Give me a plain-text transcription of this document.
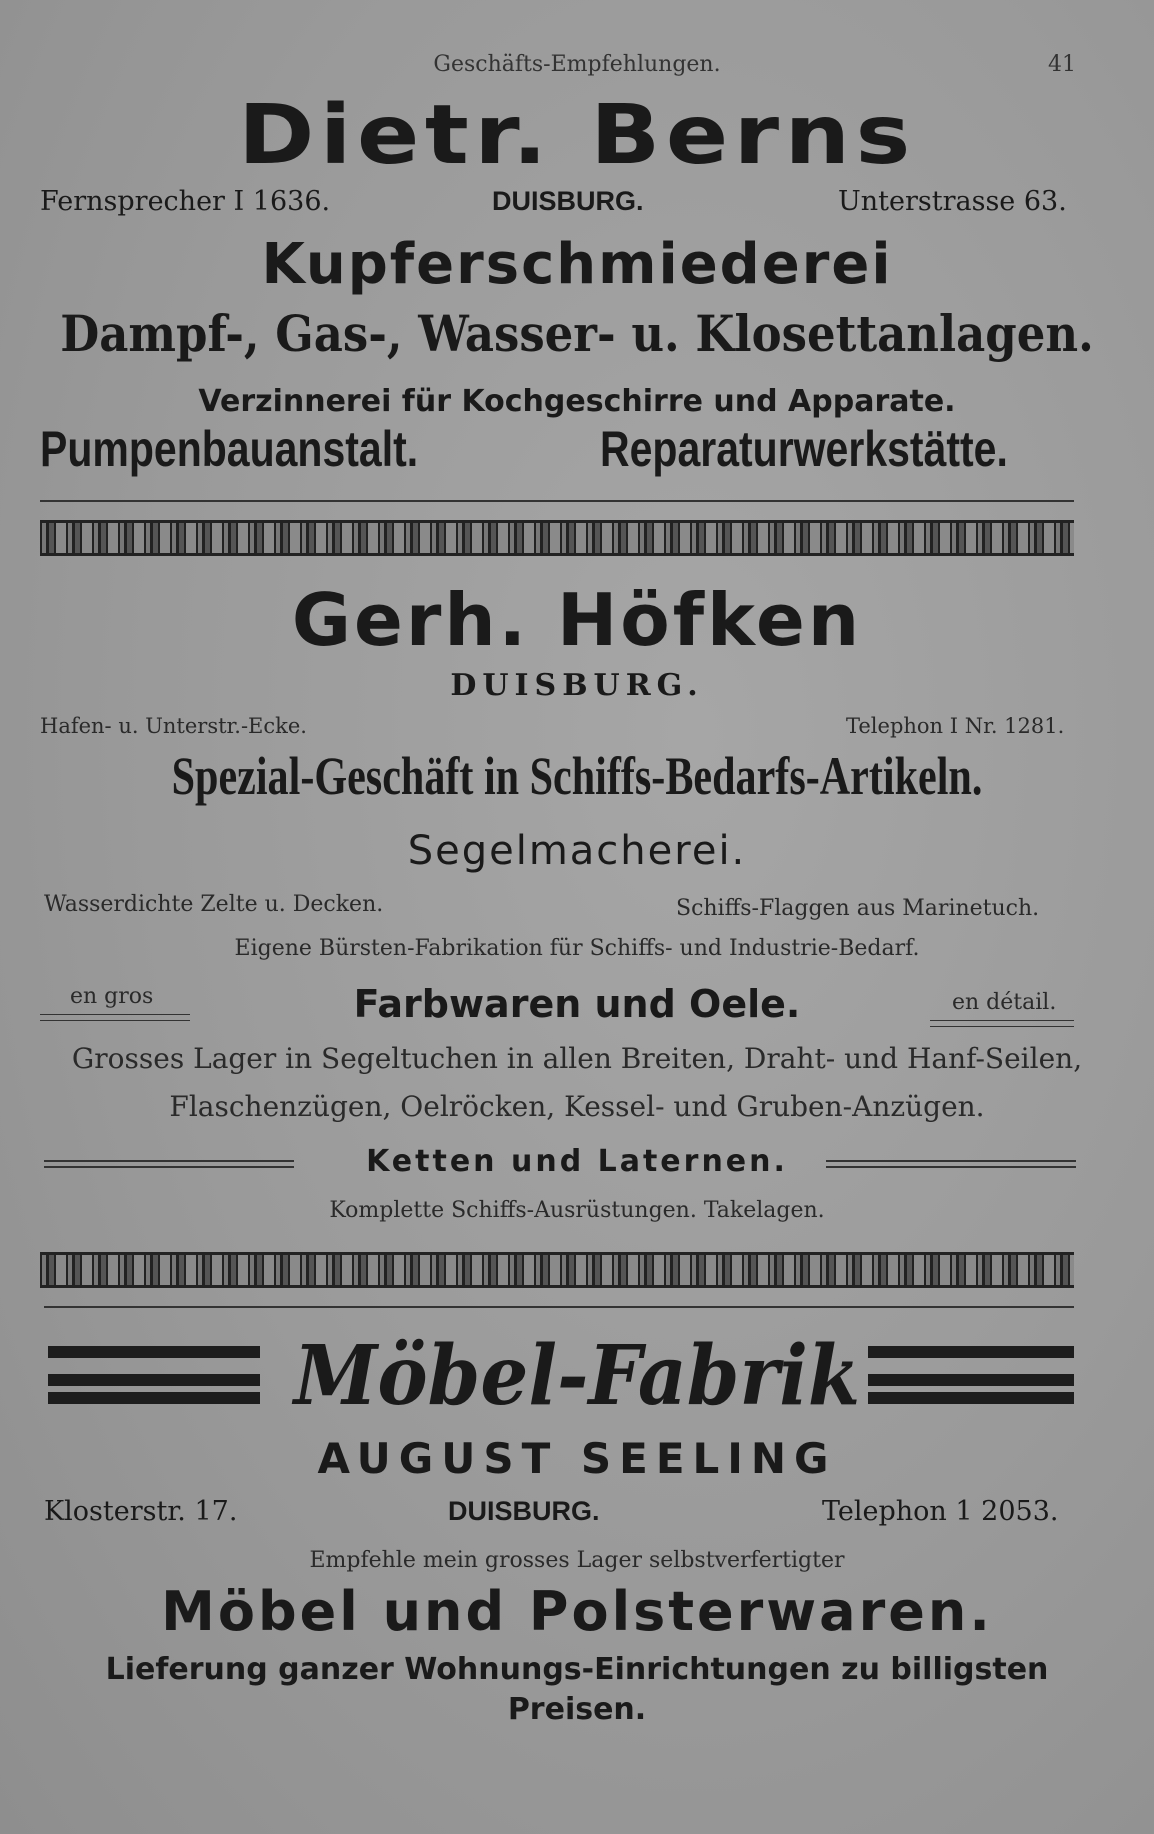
Geschäfts-Empfehlungen.	41
Dietr. Berns
Fernsprecher I 1636.	DUISBURG.	Unterstrasse 63.
Kupferschmiederei
Dampf-, Gas-, Wasser- u. Klosettanlagen.
Verzinnerei für Kochgeschirre und Apparate.
Pumpenbauanstalt.	Reparaturwerkstätte.
Gerh. Höfken
DUISBURG.
Hafen- u. Unterstr.-Ecke.	Telephon I Nr. 1281.
Spezial-Geschäft in Schiffs-Bedarfs-Artikeln.
Segelmacherei.
Wasserdichte Zelte u. Decken.	Schiffs-Flaggen aus Marinetuch.
Eigene Bürsten-Fabrikation für Schiffs- und Industrie-Bedarf.
en gros	Farbwaren und Oele.	en détail.
Grosses Lager in Segeltuchen in allen Breiten, Draht- und Hanf-Seilen,
Flaschenzügen, Oelröcken, Kessel- und Gruben-Anzügen.
Ketten und Laternen.
Komplette Schiffs-Ausrüstungen. Takelagen.
Möbel-Fabrik
AUGUST SEELING
Klosterstr. 17.	DUISBURG.	Telephon 1 2053.
Empfehle mein grosses Lager selbstverfertigter
Möbel und Polsterwaren.
Lieferung ganzer Wohnungs-Einrichtungen zu billigsten
Preisen.
